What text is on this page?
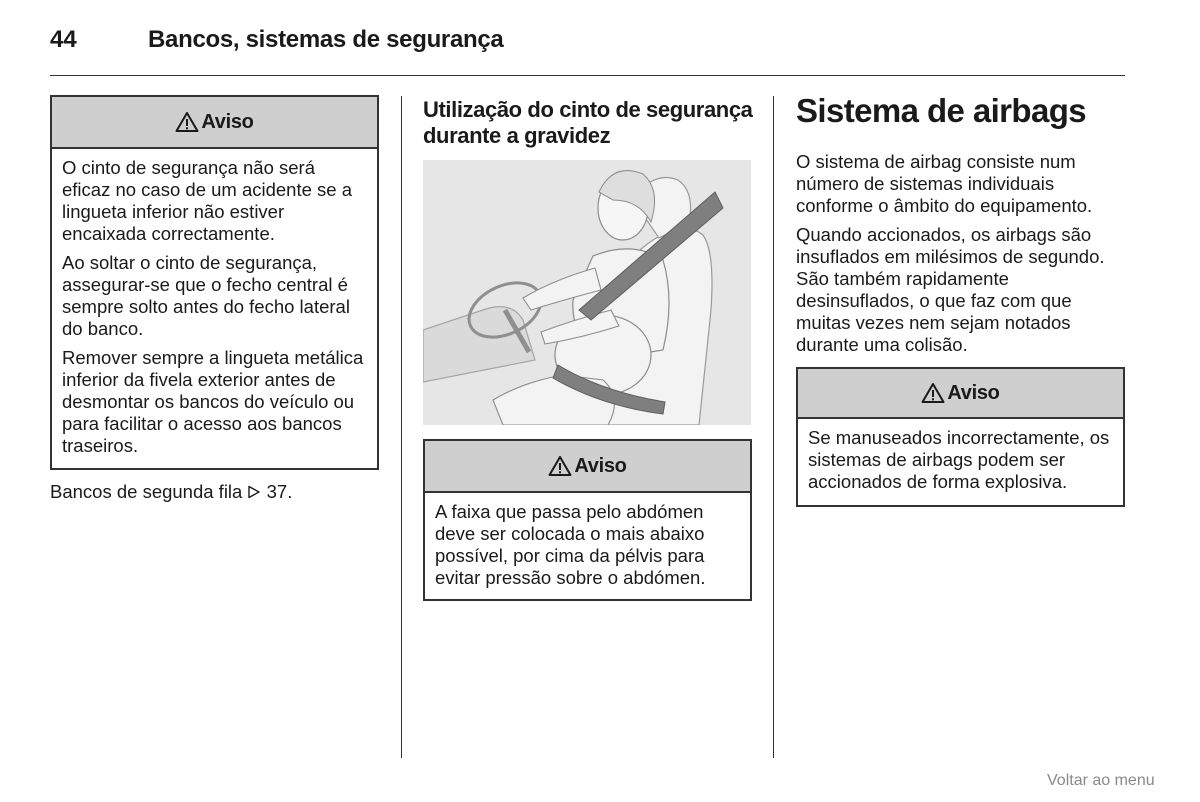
44	Bancos, sistemas de segurança
Aviso

O cinto de segurança não será eficaz no caso de um acidente se a lingueta inferior não estiver encaixada correctamente.

Ao soltar o cinto de segurança, assegurar-se que o fecho central é sempre solto antes do fecho lateral do banco.

Remover sempre a lingueta metálica inferior da fivela exterior antes de desmontar os bancos do veículo ou para facilitar o acesso aos bancos traseiros.

Bancos de segunda fila 37.
Utilização do cinto de segurança durante a gravidez
Aviso

A faixa que passa pelo abdómen deve ser colocada o mais abaixo possível, por cima da pélvis para evitar pressão sobre o abdómen.

Sistema de airbags

O sistema de airbag consiste num número de sistemas individuais conforme o âmbito do equipamento.

Quando accionados, os airbags são insuflados em milésimos de segundo. São também rapidamente desinsuflados, o que faz com que muitas vezes nem sejam notados durante uma colisão.

Aviso

Se manuseados incorrectamente, os sistemas de airbags podem ser accionados de forma explosiva.

Voltar ao menu
